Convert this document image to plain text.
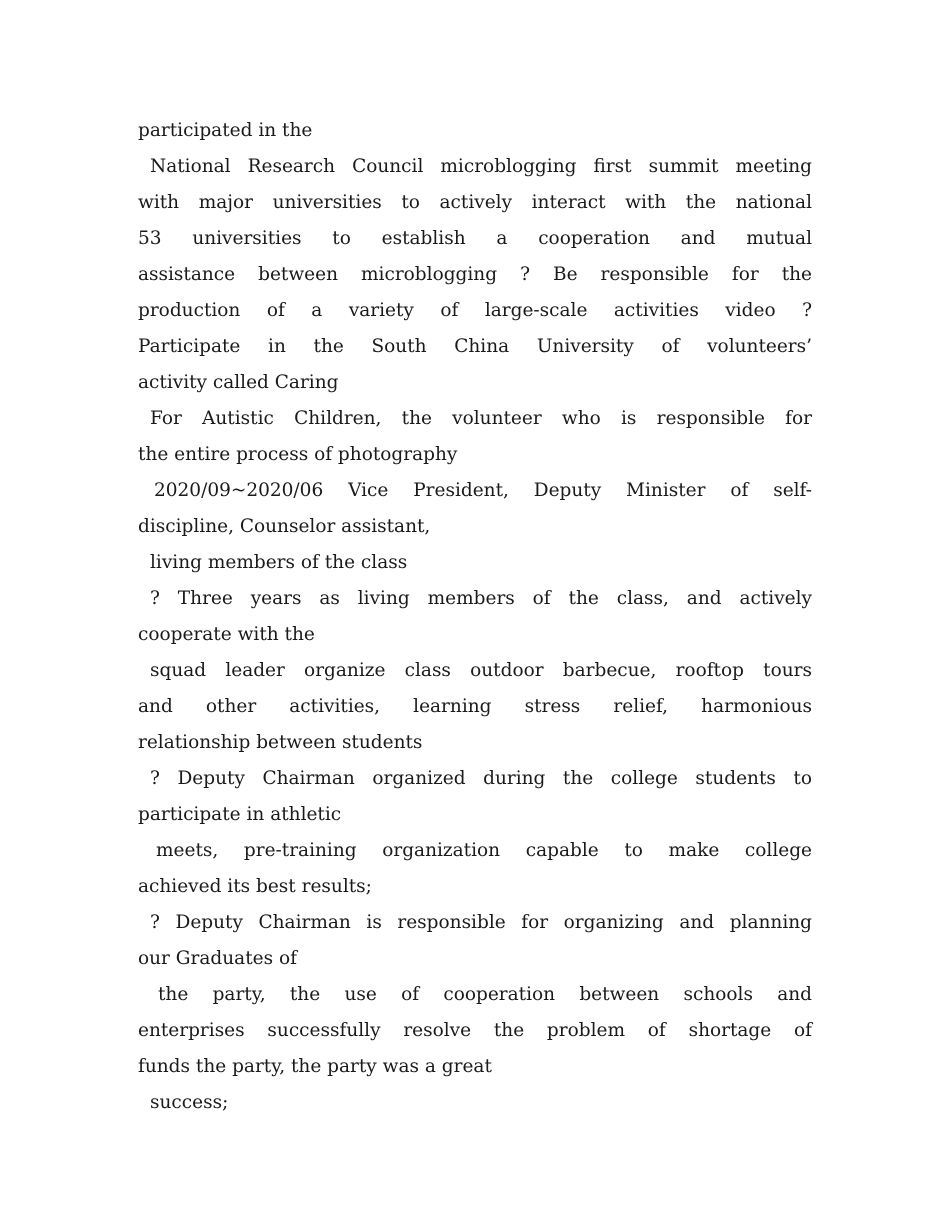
participated in the
National Research Council microblogging first summit meeting
with major universities to actively interact with the national
53 universities to establish a cooperation and mutual
assistance between microblogging ? Be responsible for the
production of a variety of large-scale activities video ?
Participate in the South China University of volunteers’
activity called Caring
For Autistic Children, the volunteer who is responsible for
the entire process of photography
2020/09~2020/06 Vice President, Deputy Minister of self-
discipline, Counselor assistant,
living members of the class
? Three years as living members of the class, and actively
cooperate with the
squad leader organize class outdoor barbecue, rooftop tours
and other activities, learning stress relief, harmonious
relationship between students
? Deputy Chairman organized during the college students to
participate in athletic
meets, pre-training organization capable to make college
achieved its best results;
? Deputy Chairman is responsible for organizing and planning
our Graduates of
the party, the use of cooperation between schools and
enterprises successfully resolve the problem of shortage of
funds the party, the party was a great
success;
